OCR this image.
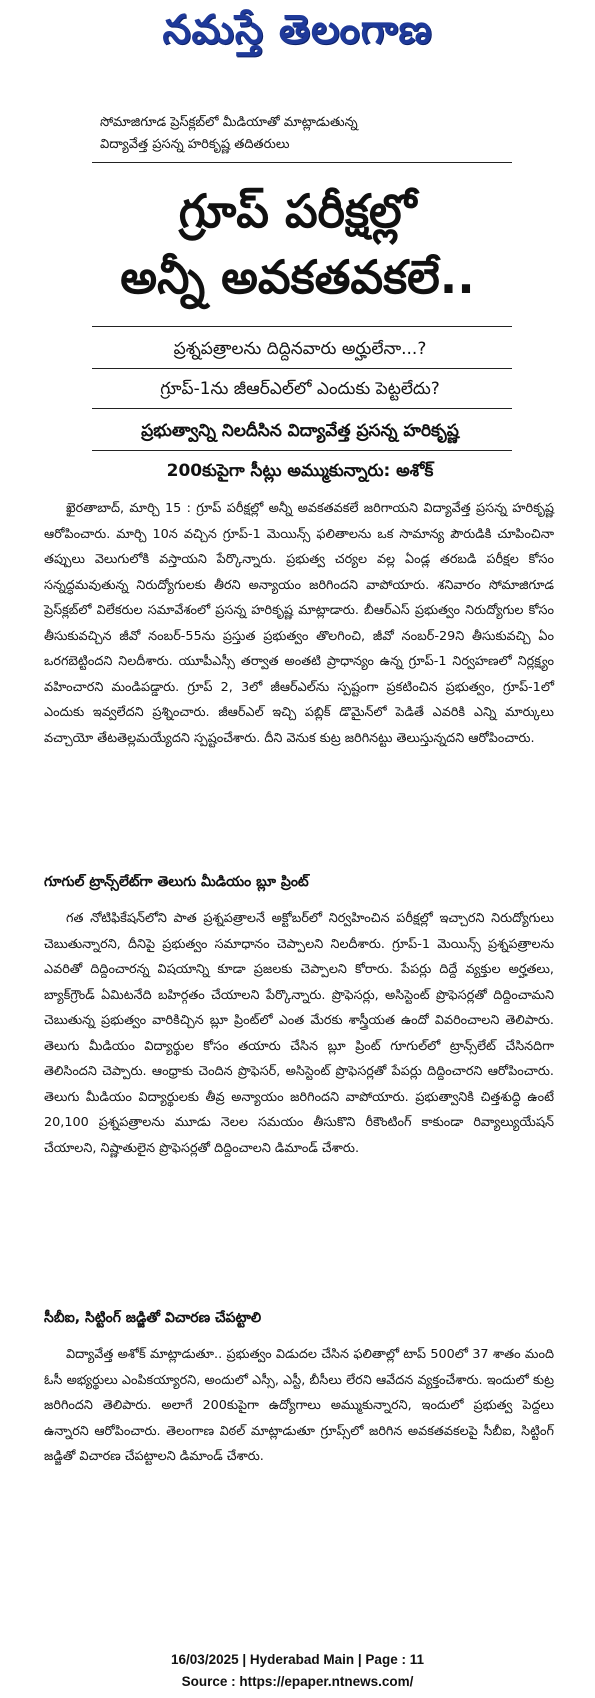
నమస్తే తెలంగాణ
సోమాజిగూడ ప్రెస్‌క్లబ్‌లో మీడియాతో మాట్లాడుతున్న
విద్యావేత్త ప్రసన్న హరికృష్ణ తదితరులు
గ్రూప్ పరీక్షల్లో
అన్నీ అవకతవకలే..
ప్రశ్నపత్రాలను దిద్దినవారు అర్హులేనా...?
గ్రూప్-1ను జీఆర్‌ఎల్‌లో ఎందుకు పెట్టలేదు?
ప్రభుత్వాన్ని నిలదీసిన విద్యావేత్త ప్రసన్న హరికృష్ణ
200కుపైగా సీట్లు అమ్ముకున్నారు: అశోక్

ఖైరతాబాద్, మార్చి 15 : గ్రూప్ పరీక్షల్లో అన్నీ అవకతవకలే జరిగాయని విద్యావేత్త ప్రసన్న హరికృష్ణ ఆరోపించారు. మార్చి 10న వచ్చిన గ్రూప్-1 మెయిన్స్ ఫలితాలను ఒక సామాన్య పౌరుడికి చూపించినా తప్పులు వెలుగులోకి వస్తాయని పేర్కొన్నారు. ప్రభుత్వ చర్యల వల్ల ఏండ్ల తరబడి పరీక్షల కోసం సన్నద్ధమవుతున్న నిరుద్యోగులకు తీరని అన్యాయం జరిగిందని వాపోయారు. శనివారం సోమాజిగూడ ప్రెస్‌క్లబ్‌లో విలేకరుల సమావేశంలో ప్రసన్న హరికృష్ణ మాట్లాడారు. బీఆర్‌ఎస్ ప్రభుత్వం నిరుద్యోగుల కోసం తీసుకువచ్చిన జీవో నంబర్-55ను ప్రస్తుత ప్రభుత్వం తొలగించి, జీవో నంబర్-29ని తీసుకువచ్చి ఏం ఒరగబెట్టిందని నిలదీశారు. యూపీఎస్సీ తర్వాత అంతటి ప్రాధాన్యం ఉన్న గ్రూప్-1 నిర్వహణలో నిర్లక్ష్యం వహించారని మండిపడ్డారు. గ్రూప్ 2, 3లో జీఆర్‌ఎల్‌ను స్పష్టంగా ప్రకటించిన ప్రభుత్వం, గ్రూప్-1లో ఎందుకు ఇవ్వలేదని ప్రశ్నించారు. జీఆర్‌ఎల్ ఇచ్చి పబ్లిక్ డొమైన్‌లో పెడితే ఎవరికి ఎన్ని మార్కులు వచ్చాయో తేటతెల్లమయ్యేదని స్పష్టంచేశారు. దీని వెనుక కుట్ర జరిగినట్టు తెలుస్తున్నదని ఆరోపించారు.

గూగుల్ ట్రాన్స్‌లేట్‌గా తెలుగు మీడియం బ్లూ ప్రింట్

గత నోటిఫికేషన్‌లోని పాత ప్రశ్నపత్రాలనే అక్టోబర్‌లో నిర్వహించిన పరీక్షల్లో ఇచ్చారని నిరుద్యోగులు చెబుతున్నారని, దీనిపై ప్రభుత్వం సమాధానం చెప్పాలని నిలదీశారు. గ్రూప్-1 మెయిన్స్ ప్రశ్నపత్రాలను ఎవరితో దిద్దించారన్న విషయాన్ని కూడా ప్రజలకు చెప్పాలని కోరారు. పేపర్లు దిద్దే వ్యక్తుల అర్హతలు, బ్యాక్‌గ్రౌండ్ ఏమిటనేది బహిర్గతం చేయాలని పేర్కొన్నారు. ప్రొఫెసర్లు, అసిస్టెంట్ ప్రొఫెసర్లతో దిద్దించామని చెబుతున్న ప్రభుత్వం వారికిచ్చిన బ్లూ ప్రింట్‌లో ఎంత మేరకు శాస్త్రీయత ఉందో వివరించాలని తెలిపారు. తెలుగు మీడియం విద్యార్థుల కోసం తయారు చేసిన బ్లూ ప్రింట్ గూగుల్‌లో ట్రాన్స్‌లేట్ చేసినదిగా తెలిసిందని చెప్పారు. ఆంధ్రాకు చెందిన ప్రొఫెసర్, అసిస్టెంట్ ప్రొఫెసర్లతో పేపర్లు దిద్దించారని ఆరోపించారు. తెలుగు మీడియం విద్యార్థులకు తీవ్ర అన్యాయం జరిగిందని వాపోయారు. ప్రభుత్వానికి చిత్తశుద్ధి ఉంటే 20,100 ప్రశ్నపత్రాలను మూడు నెలల సమయం తీసుకొని రీకౌంటింగ్ కాకుండా రివ్యాల్యుయేషన్ చేయాలని, నిష్ణాతులైన ప్రొఫెసర్లతో దిద్దించాలని డిమాండ్ చేశారు.

సీబీఐ, సిట్టింగ్ జడ్జితో విచారణ చేపట్టాలి

విద్యావేత్త అశోక్ మాట్లాడుతూ.. ప్రభుత్వం విడుదల చేసిన ఫలితాల్లో టాప్ 500లో 37 శాతం మంది ఓసీ అభ్యర్థులు ఎంపికయ్యారని, అందులో ఎస్సీ, ఎస్టీ, బీసీలు లేరని ఆవేదన వ్యక్తంచేశారు. ఇందులో కుట్ర జరిగిందని తెలిపారు. అలాగే 200కుపైగా ఉద్యోగాలు అమ్ముకున్నారని, ఇందులో ప్రభుత్వ పెద్దలు ఉన్నారని ఆరోపించారు. తెలంగాణ విఠల్ మాట్లాడుతూ గ్రూప్స్‌లో జరిగిన అవకతవకలపై సీబీఐ, సిట్టింగ్ జడ్జితో విచారణ చేపట్టాలని డిమాండ్ చేశారు.

16/03/2025 | Hyderabad Main | Page : 11
Source : https://epaper.ntnews.com/
